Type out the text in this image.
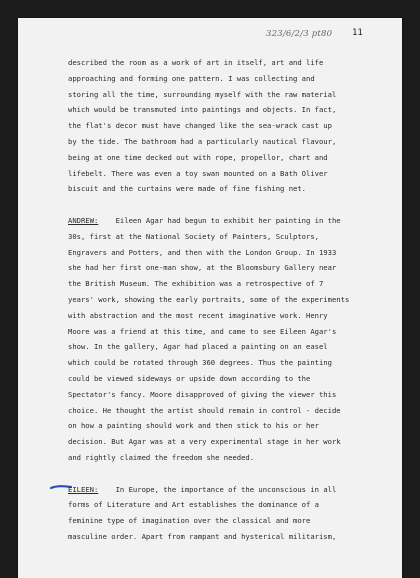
323/6/2/3 pt80 11
described the room as a work of art in itself, art and life
approaching and forming one pattern. I was collecting and
storing all the time, surrounding myself with the raw material
which would be transmuted into paintings and objects. In fact,
the flat's decor must have changed like the sea-wrack cast up
by the tide. The bathroom had a particularly nautical flavour,
being at one time decked out with rope, propellor, chart and
lifebelt. There was even a toy swan mounted on a Bath Oliver
biscuit and the curtains were made of fine fishing net.
ANDREW:    Eileen Agar had begun to exhibit her painting in the
30s, first at the National Society of Painters, Sculptors,
Engravers and Potters, and then with the London Group. In 1933
she had her first one-man show, at the Bloomsbury Gallery near
the British Museum. The exhibition was a retrospective of 7
years' work, showing the early portraits, some of the experiments
with abstraction and the most recent imaginative work. Henry
Moore was a friend at this time, and came to see Eileen Agar's
show. In the gallery, Agar had placed a painting on an easel
which could be rotated through 360 degrees. Thus the painting
could be viewed sideways or upside down according to the
Spectator's fancy. Moore disapproved of giving the viewer this
choice. He thought the artist should remain in control - decide
on how a painting should work and then stick to his or her
decision. But Agar was at a very experimental stage in her work
and rightly claimed the freedom she needed.
EILEEN:    In Europe, the importance of the unconscious in all
forms of Literature and Art establishes the dominance of a
feminine type of imagination over the classical and more
masculine order. Apart from rampant and hysterical militarism,
